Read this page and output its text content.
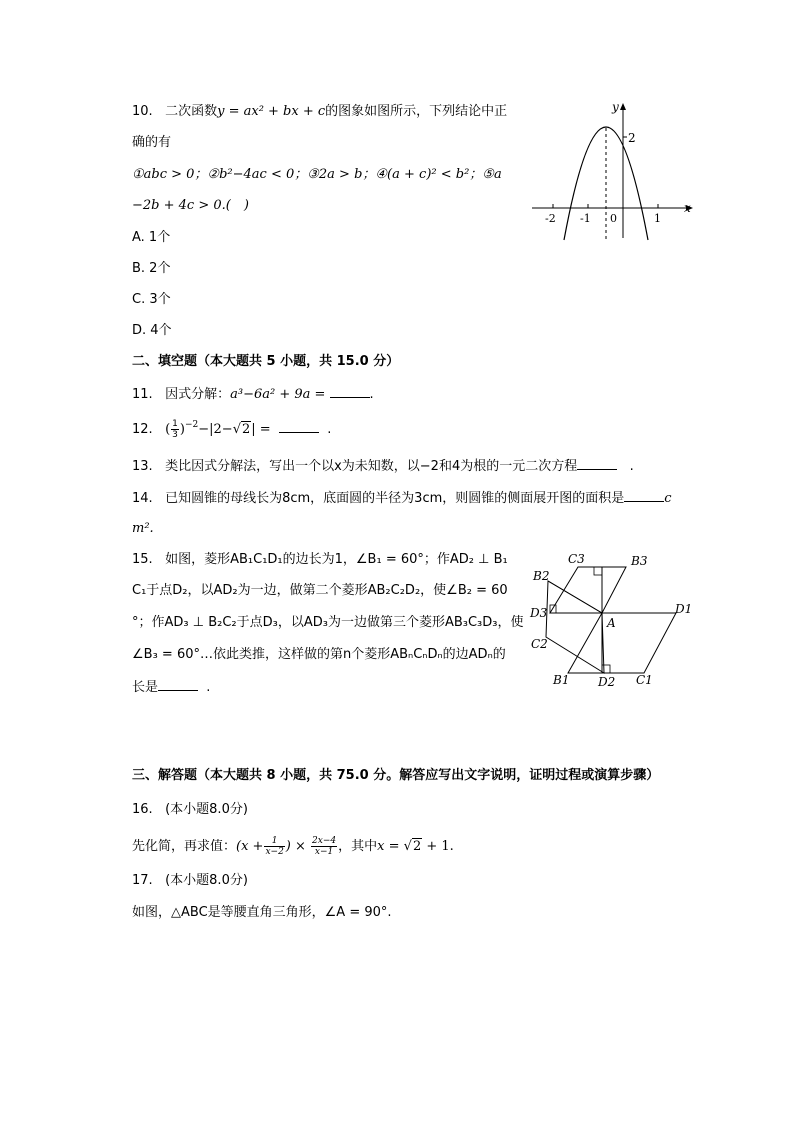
10. 二次函数y = ax² + bx + c的图象如图所示，下列结论中正
确的有
①abc > 0；②b²−4ac < 0；③2a > b；④(a + c)² < b²；⑤a
−2b + 4c > 0.(　)
A. 1个
B. 2个
C. 3个
D. 4个
y
x
2
-2 -1 0	1
二、填空题（本大题共 5 小题，共 15.0 分）
11. 因式分解：a³−6a² + 9a =	.
12. ( $\frac{1}{3} )^{-2}-|2-√2|$ =	.
13. 类比因式分解法，写出一个以x为未知数，以−2和4为根的一元二次方程	.
14. 已知圆锥的母线长为8cm，底面圆的半径为3cm，则圆锥的侧面展开图的面积是	c
m².
15. 如图，菱形AB₁C₁D₁的边长为1，∠B₁ = 60°；作AD₂ ⊥ B₁
C₁于点D₂，以AD₂为一边，做第二个菱形AB₂C₂D₂，使∠B₂ = 60
°；作AD₃ ⊥ B₂C₂于点D₃，以AD₃为一边做第三个菱形AB₃C₃D₃，使
∠B₃ = 60°…依此类推，这样做的第n个菱形ABₙCₙDₙ的边ADₙ的
长是	.
C3	B3
B2
D3	D1
A
C2
B1 D2 C1
三、解答题（本大题共 8 小题，共 75.0 分。解答应写出文字说明，证明过程或演算步骤）
16. (本小题8.0分)
先化简，再求值：($x + \frac{1}{x-2}$ ) × $\frac{2x-4}{x-1}$ ，其中x = √2 + 1.
17. (本小题8.0分)
如图，△ABC是等腰直角三角形，∠A = 90°.
